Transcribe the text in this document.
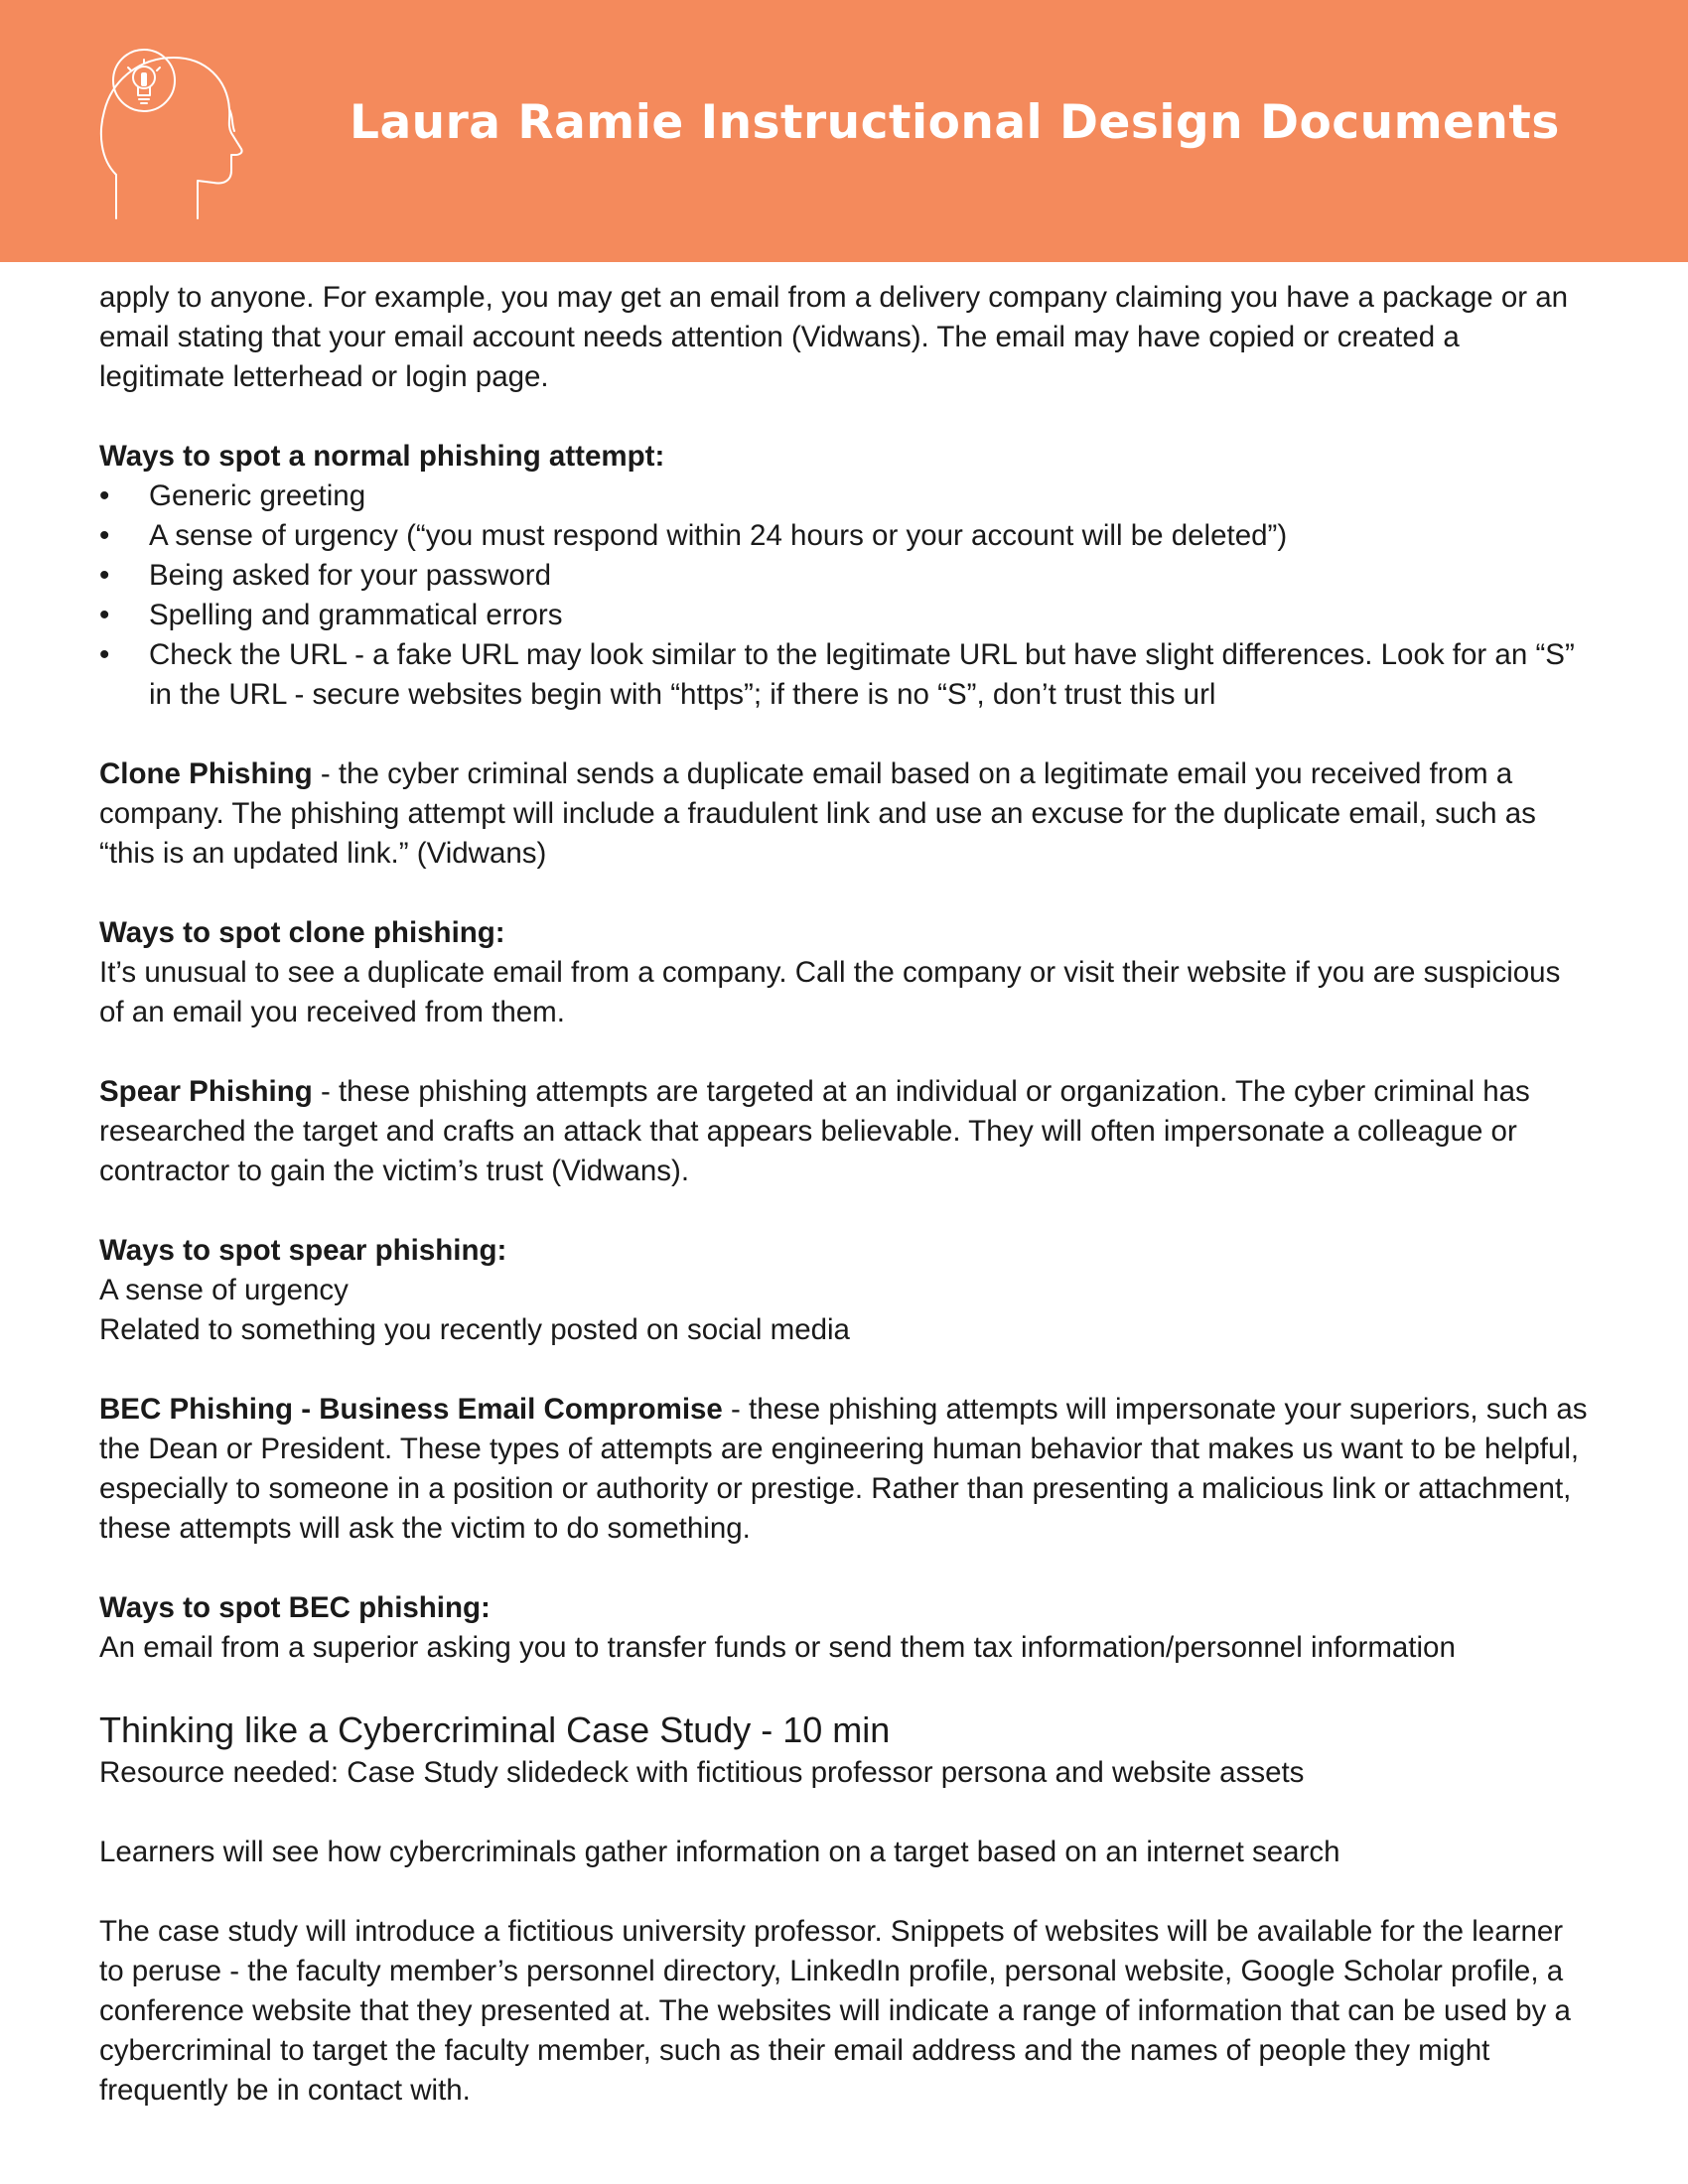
Laura Ramie Instructional Design Documents

apply to anyone. For example, you may get an email from a delivery company claiming you have a package or an email stating that your email account needs attention (Vidwans). The email may have copied or created a legitimate letterhead or login page.

Ways to spot a normal phishing attempt:

• Generic greeting
• A sense of urgency (“you must respond within 24 hours or your account will be deleted”)
• Being asked for your password
• Spelling and grammatical errors
• Check the URL - a fake URL may look similar to the legitimate URL but have slight differences. Look for an “S” in the URL - secure websites begin with “https”; if there is no “S”, don’t trust this url

Clone Phishing - the cyber criminal sends a duplicate email based on a legitimate email you received from a company. The phishing attempt will include a fraudulent link and use an excuse for the duplicate email, such as “this is an updated link.” (Vidwans)

Ways to spot clone phishing:

It’s unusual to see a duplicate email from a company. Call the company or visit their website if you are suspicious of an email you received from them.

Spear Phishing - these phishing attempts are targeted at an individual or organization. The cyber criminal has researched the target and crafts an attack that appears believable. They will often impersonate a colleague or contractor to gain the victim’s trust (Vidwans).

Ways to spot spear phishing:

A sense of urgency

Related to something you recently posted on social media

BEC Phishing - Business Email Compromise - these phishing attempts will impersonate your superiors, such as the Dean or President. These types of attempts are engineering human behavior that makes us want to be helpful, especially to someone in a position or authority or prestige. Rather than presenting a malicious link or attachment, these attempts will ask the victim to do something.

Ways to spot BEC phishing:

An email from a superior asking you to transfer funds or send them tax information/personnel information

Thinking like a Cybercriminal Case Study - 10 min

Resource needed: Case Study slidedeck with fictitious professor persona and website assets

Learners will see how cybercriminals gather information on a target based on an internet search

The case study will introduce a fictitious university professor. Snippets of websites will be available for the learner to peruse - the faculty member’s personnel directory, LinkedIn profile, personal website, Google Scholar profile, a conference website that they presented at. The websites will indicate a range of information that can be used by a cybercriminal to target the faculty member, such as their email address and the names of people they might frequently be in contact with.
